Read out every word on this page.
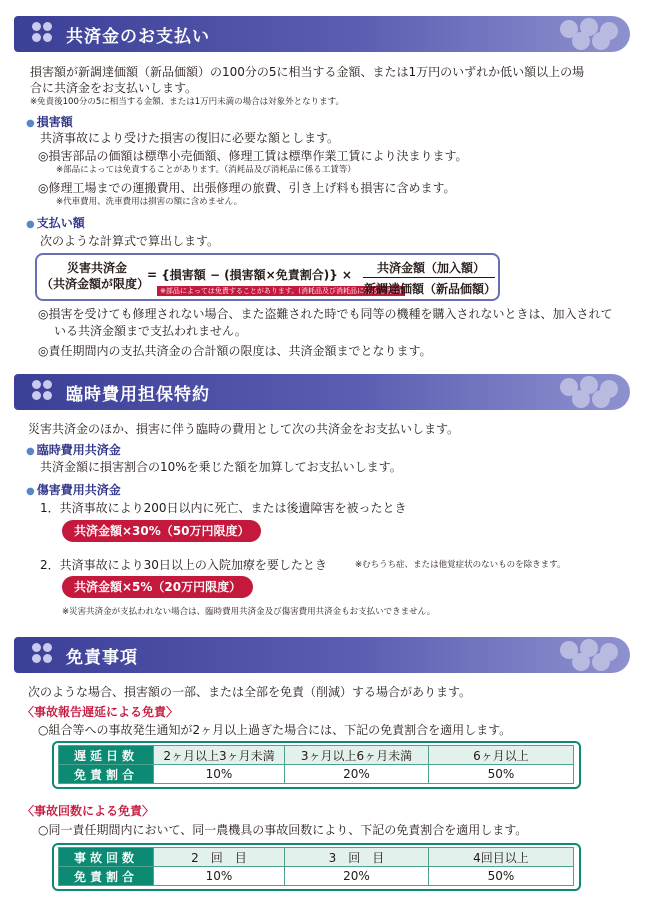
共済金のお支払い
損害額が新調達価額（新品価額）の100分の5に相当する金額、または1万円のいずれか低い額以上の場
合に共済金をお支払いします。
※免責後100分の5に相当する金額、または1万円未満の場合は対象外となります。
● 損害額
共済事故により受けた損害の復旧に必要な額とします。
◎損害部品の価額は標準小売価額、修理工賃は標準作業工賃により決まります。
※部品によっては免責することがあります。（消耗品及び消耗品に係る工賃等）
◎修理工場までの運搬費用、出張修理の旅費、引き上げ料も損害に含めます。
※代車費用、洗車費用は損害の額に含めません。
● 支払い額
次のような計算式で算出します。
災害共済金
（共済金額が限度）
= {損害額 − (損害額×免責割合)} ×
※部品によっては免責することがあります。(消耗品及び消耗品に係る工賃等)
共済金額（加入額）
新調達価額（新品価額）
◎損害を受けても修理されない場合、また盗難された時でも同等の機種を購入されないときは、加入されて
いる共済金額まで支払われません。
◎責任期間内の支払共済金の合計額の限度は、共済金額までとなります。
臨時費用担保特約
災害共済金のほか、損害に伴う臨時の費用として次の共済金をお支払いします。
● 臨時費用共済金
共済金額に損害割合の10%を乗じた額を加算してお支払いします。
● 傷害費用共済金
1．共済事故により200日以内に死亡、または後遺障害を被ったとき
共済金額×30%（50万円限度）
2．共済事故により30日以上の入院加療を要したとき	※むちうち症、または他覚症状のないものを除きます。
共済金額×5%（20万円限度）
※災害共済金が支払われない場合は、臨時費用共済金及び傷害費用共済金もお支払いできません。
免責事項
次のような場合、損害額の一部、または全部を免責（削減）する場合があります。
〈事故報告遅延による免責〉
○組合等への事故発生通知が2ヶ月以上過ぎた場合には、下記の免責割合を適用します。
遅延日数	2ヶ月以上3ヶ月未満	3ヶ月以上6ヶ月未満	6ヶ月以上
免責割合	10%	20%	50%
〈事故回数による免責〉
○同一責任期間内において、同一農機具の事故回数により、下記の免責割合を適用します。
事故回数	2　回　目	3　回　目	4回目以上
免責割合	10%	20%	50%
